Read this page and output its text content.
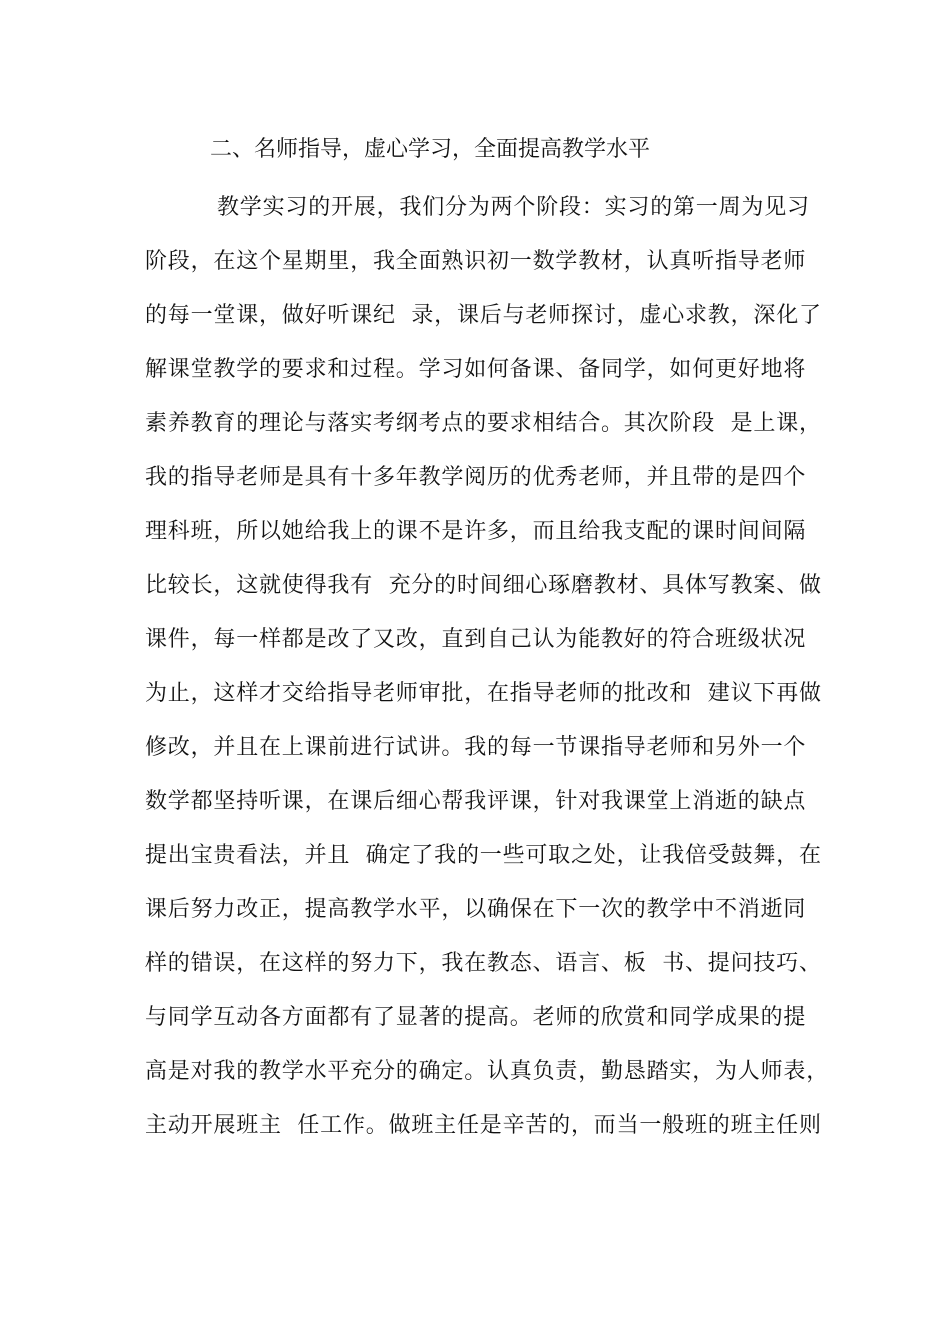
二、名师指导，虚心学习，全面提高教学水平
教学实习的开展，我们分为两个阶段：实习的第一周为见习
阶段，在这个星期里，我全面熟识初一数学教材，认真听指导老师
的每一堂课，做好听课纪  录，课后与老师探讨，虚心求教，深化了
解课堂教学的要求和过程。学习如何备课、备同学，如何更好地将
素养教育的理论与落实考纲考点的要求相结合。其次阶段  是上课，
我的指导老师是具有十多年教学阅历的优秀老师，并且带的是四个
理科班，所以她给我上的课不是许多，而且给我支配的课时间间隔
比较长，这就使得我有  充分的时间细心琢磨教材、具体写教案、做
课件，每一样都是改了又改，直到自己认为能教好的符合班级状况
为止，这样才交给指导老师审批，在指导老师的批改和  建议下再做
修改，并且在上课前进行试讲。我的每一节课指导老师和另外一个
数学都坚持听课，在课后细心帮我评课，针对我课堂上消逝的缺点
提出宝贵看法，并且  确定了我的一些可取之处，让我倍受鼓舞，在
课后努力改正，提高教学水平，以确保在下一次的教学中不消逝同
样的错误，在这样的努力下，我在教态、语言、板  书、提问技巧、
与同学互动各方面都有了显著的提高。老师的欣赏和同学成果的提
高是对我的教学水平充分的确定。认真负责，勤恳踏实，为人师表，
主动开展班主  任工作。做班主任是辛苦的，而当一般班的班主任则
